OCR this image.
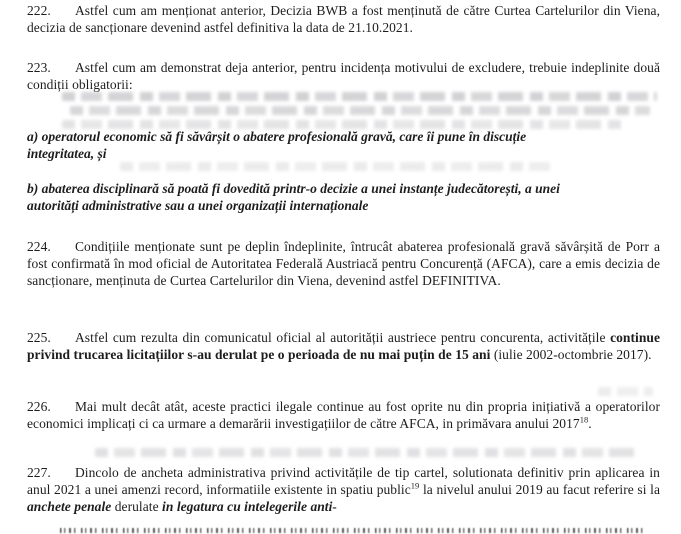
222. Astfel cum am menționat anterior, Decizia BWB a fost menținută de către Curtea Cartelurilor din Viena, decizia de sancționare devenind astfel definitiva la data de 21.10.2021.
223. Astfel cum am demonstrat deja anterior, pentru incidența motivului de excludere, trebuie indeplinite două condiții obligatorii:
a) operatorul economic să fi săvârșit o abatere profesională gravă, care îi pune în discuție
integritatea, și
b) abaterea disciplinară să poată fi dovedită printr-o decizie a unei instanțe judecătorești, a unei
autorități administrative sau a unei organizații internaționale
224. Condițiile menționate sunt pe deplin îndeplinite, întrucât abaterea profesională gravă săvârșită de Porr a fost confirmată în mod oficial de Autoritatea Federală Austriacă pentru Concurență (AFCA), care a emis decizia de sancționare, menținuta de Curtea Cartelurilor din Viena, devenind astfel DEFINITIVA.
225. Astfel cum rezulta din comunicatul oficial al autorității austriece pentru concurenta, activitățile continue privind trucarea licitațiilor s-au derulat pe o perioada de nu mai puțin de 15 ani (iulie 2002-octombrie 2017).
226. Mai mult decât atât, aceste practici ilegale continue au fost oprite nu din propria inițiativă a operatorilor economici implicați ci ca urmare a demarării investigațiilor de către AFCA, in primăvara anului 2017$^{18}$.
227. Dincolo de ancheta administrativa privind activitățile de tip cartel, solutionata definitiv prin aplicarea in anul 2021 a unei amenzi record, informatiile existente in spatiu public$^{19}$ la nivelul anului 2019 au facut referire si la anchete penale derulate in legatura cu intelegerile anti-
